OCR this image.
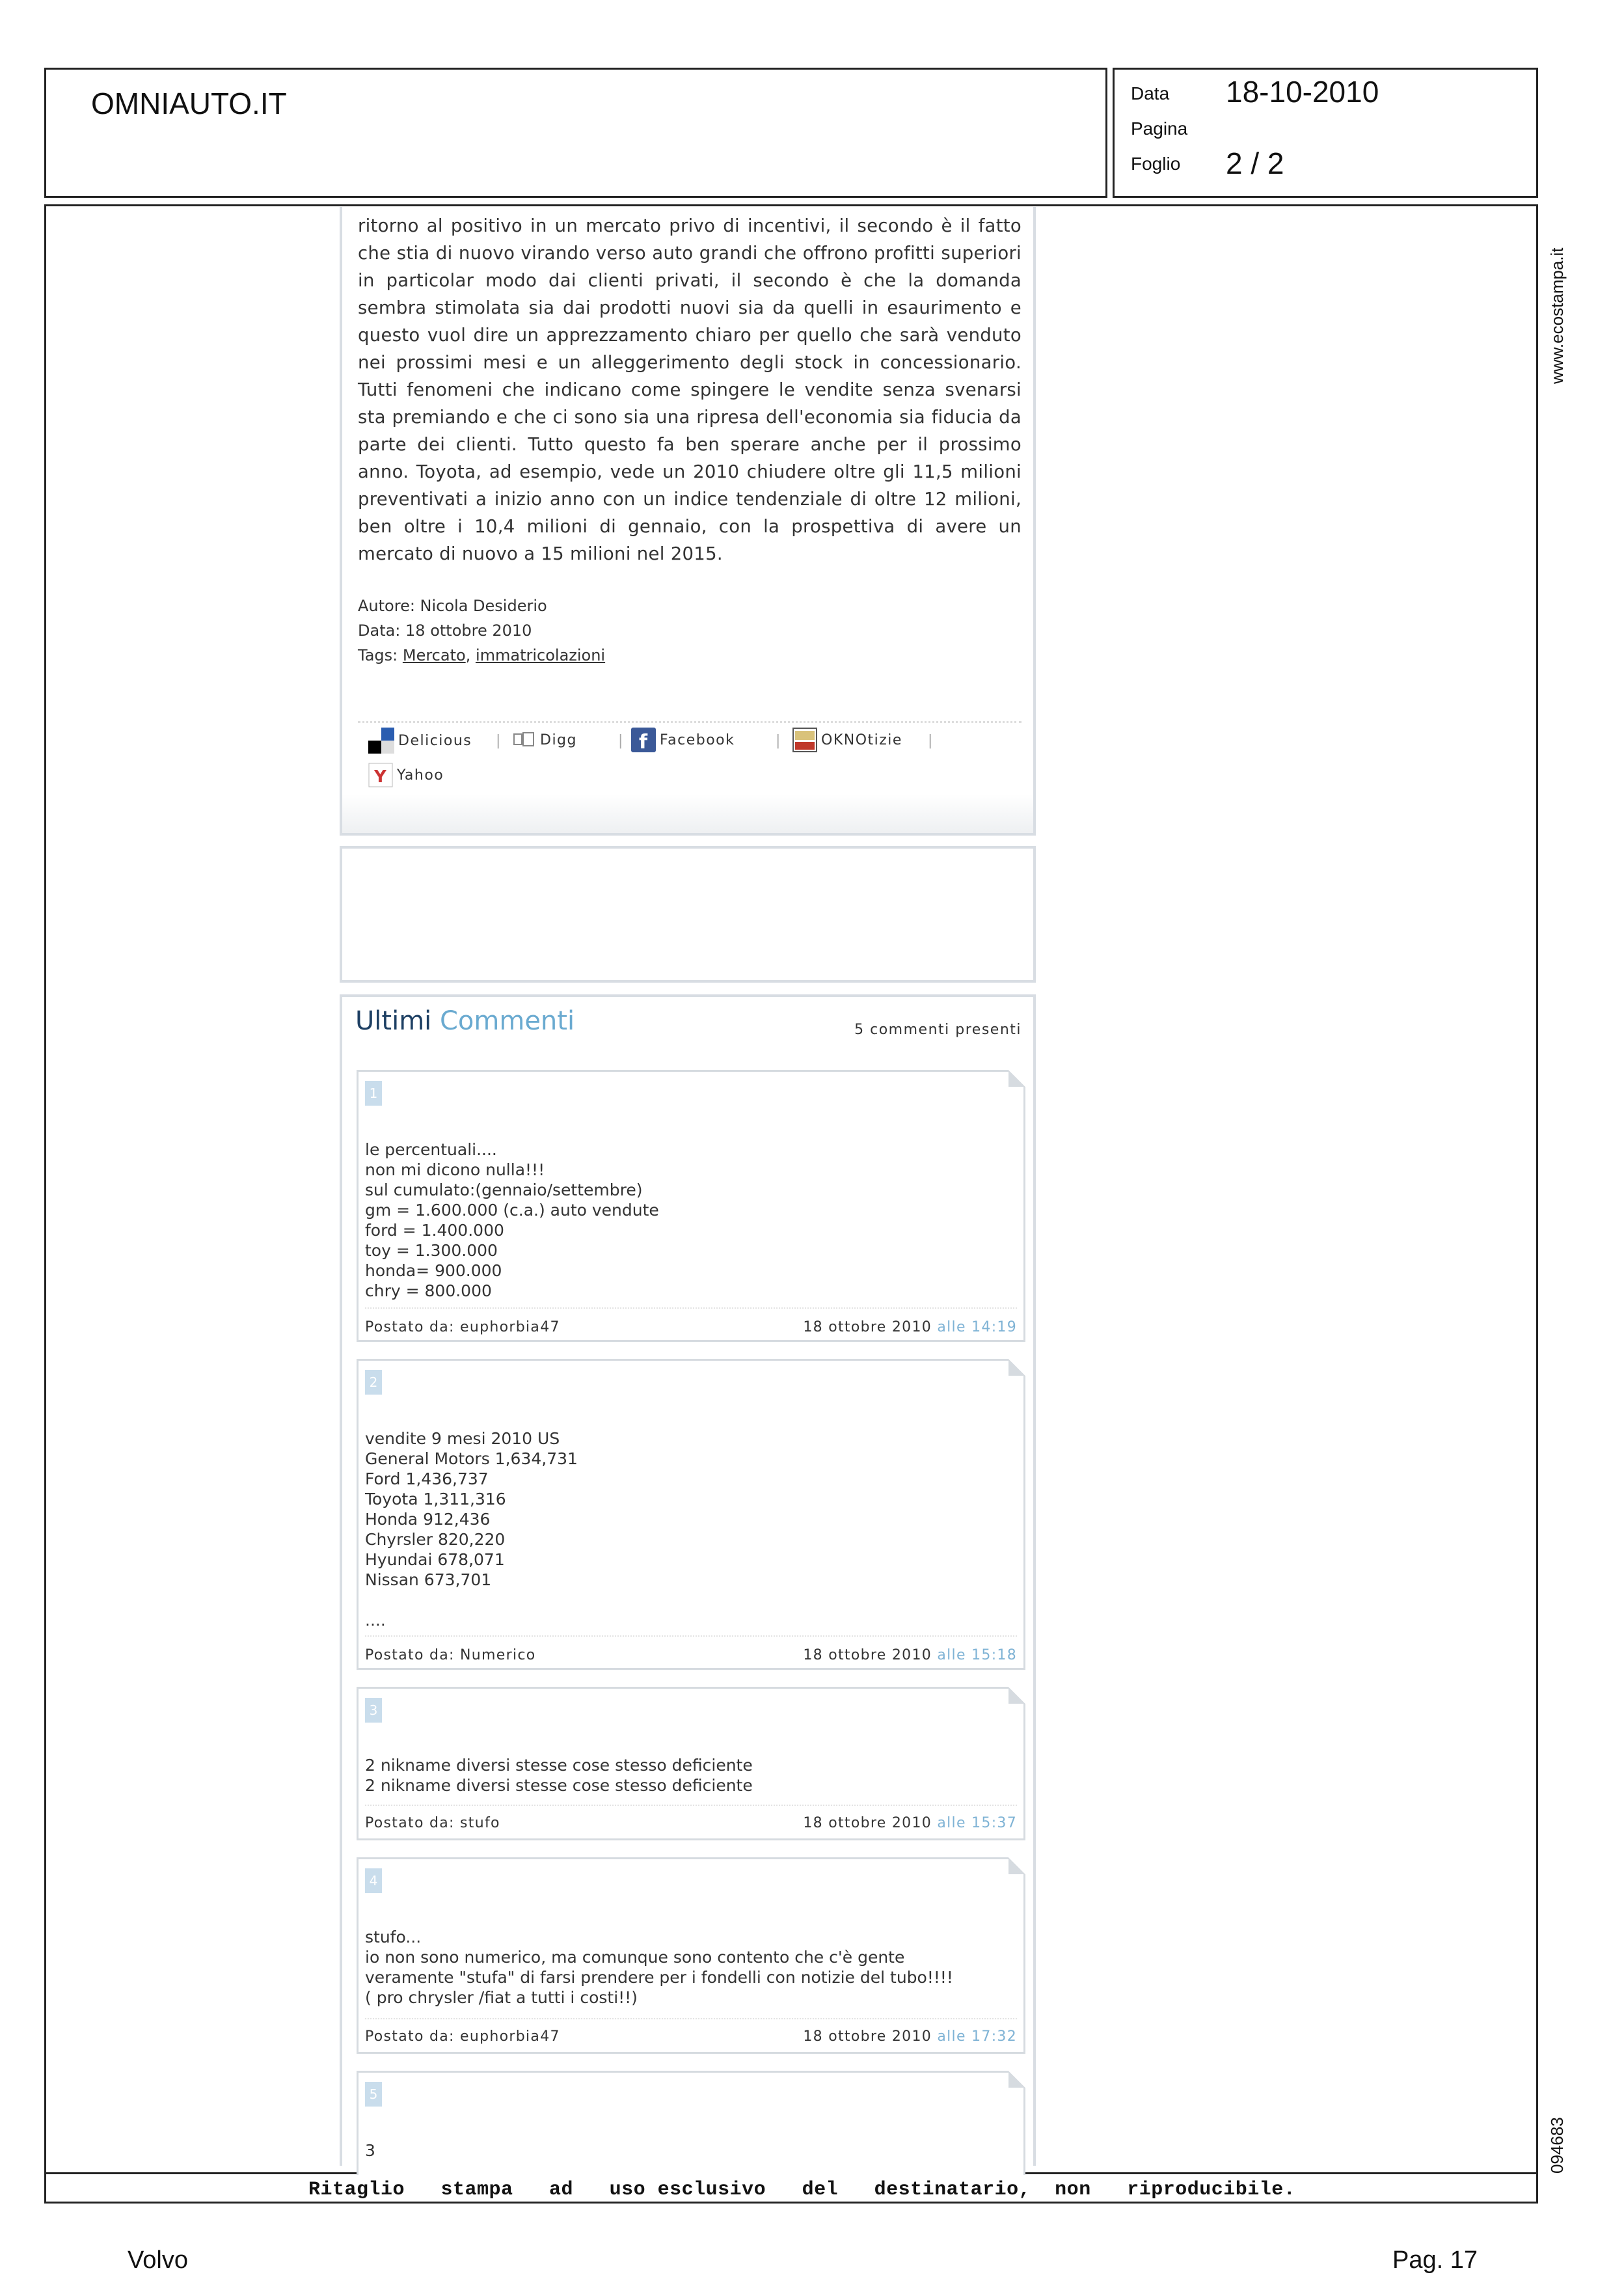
OMNIAUTO.IT	Data 18-10-2010
Pagina
Foglio 2 / 2
www.ecostampa.it
094683
ritorno al positivo in un mercato privo di incentivi, il secondo è il fatto che stia di nuovo virando verso auto grandi che offrono profitti superiori in particolar modo dai clienti privati, il secondo è che la domanda sembra stimolata sia dai prodotti nuovi sia da quelli in esaurimento e questo vuol dire un apprezzamento chiaro per quello che sarà venduto nei prossimi mesi e un alleggerimento degli stock in concessionario. Tutti fenomeni che indicano come spingere le vendite senza svenarsi sta premiando e che ci sono sia una ripresa dell'economia sia fiducia da parte dei clienti. Tutto questo fa ben sperare anche per il prossimo anno. Toyota, ad esempio, vede un 2010 chiudere oltre gli 11,5 milioni preventivati a inizio anno con un indice tendenziale di oltre 12 milioni, ben oltre i 10,4 milioni di gennaio, con la prospettiva di avere un mercato di nuovo a 15 milioni nel 2015.
Autore: Nicola Desiderio
Data: 18 ottobre 2010
Tags: Mercato, immatricolazioni
Delicious |	Digg	| f Facebook	|	OKNOtizie |
Y Yahoo
Ultimi Commenti	5 commenti presenti
1
le percentuali....
non mi dicono nulla!!!
sul cumulato:(gennaio/settembre)
gm = 1.600.000 (c.a.) auto vendute
ford = 1.400.000
toy = 1.300.000
honda= 900.000
chry = 800.000
Postato da: euphorbia47	18 ottobre 2010 alle 14:19
2
vendite 9 mesi 2010 US
General Motors 1,634,731
Ford 1,436,737
Toyota 1,311,316
Honda 912,436
Chyrsler 820,220
Hyundai 678,071
Nissan 673,701

....
Postato da: Numerico	18 ottobre 2010 alle 15:18
3
2 nikname diversi stesse cose stesso deficiente
2 nikname diversi stesse cose stesso deficiente
Postato da: stufo	18 ottobre 2010 alle 15:37
4
stufo...
io non sono numerico, ma comunque sono contento che c'è gente
veramente "stufa" di farsi prendere per i fondelli con notizie del tubo!!!!
( pro chrysler /fiat a tutti i costi!!)
Postato da: euphorbia47	18 ottobre 2010 alle 17:32
5
3
Ritaglio   stampa   ad   uso esclusivo   del   destinatario,  non   riproducibile.
Volvo	Pag. 17
